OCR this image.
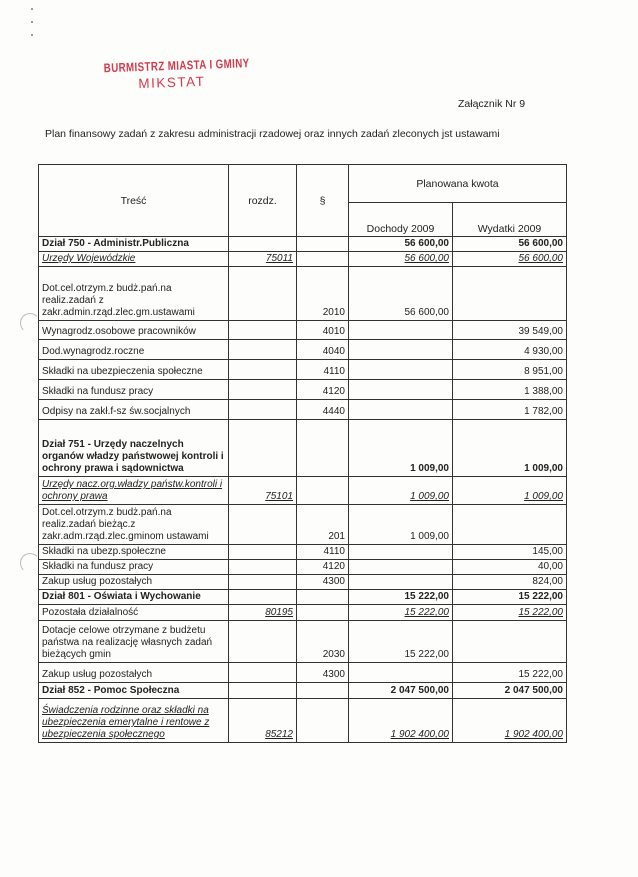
BURMISTRZ MIASTA I GMINY
MIKSTAT
Załącznik Nr 9
Plan finansowy zadań z zakresu administracji rzadowej oraz innych zadań zleconych jst ustawami
Treść	rozdz.	§	Planowana kwota	
			Dochody 2009	Wydatki 2009
Dział 750 - Administr.Publiczna			56 600,00	56 600,00
Urzędy Wojewódzkie	75011		56 600,00	56 600,00
Dot.cel.otrzym.z budż.pań.na realiz.zadań z zakr.admin.rząd.zlec.gm.ustawami		2010	56 600,00	
Wynagrodz.osobowe pracowników		4010		39 549,00
Dod.wynagrodz.roczne		4040		4 930,00
Składki na ubezpieczenia społeczne		4110		8 951,00
Składki na fundusz pracy		4120		1 388,00
Odpisy na zakł.f-sz św.socjalnych		4440		1 782,00
Dział 751 - Urzędy naczelnych organów władzy państwowej kontroli i ochrony prawa i sądownictwa			1 009,00	1 009,00
Urzędy nacz.org.władzy państw.kontroli i ochrony prawa	75101		1 009,00	1 009,00
Dot.cel.otrzym.z budż.pań.na realiz.zadań bieżąc.z zakr.adm.rząd.zlec.gminom ustawami		201	1 009,00	
Składki na ubezp.społeczne		4110		145,00
Składki na fundusz pracy		4120		40,00
Zakup usług pozostałych		4300		824,00
Dział 801 - Oświata i Wychowanie			15 222,00	15 222,00
Pozostała działalność	80195		15 222,00	15 222,00
Dotacje celowe otrzymane z budżetu państwa na realizację własnych zadań bieżących gmin		2030	15 222,00	
Zakup usług pozostałych		4300		15 222,00
Dział 852 - Pomoc Społeczna			2 047 500,00	2 047 500,00
Świadczenia rodzinne oraz składki na ubezpieczenia emerytalne i rentowe z ubezpieczenia społecznego	85212		1 902 400,00	1 902 400,00
